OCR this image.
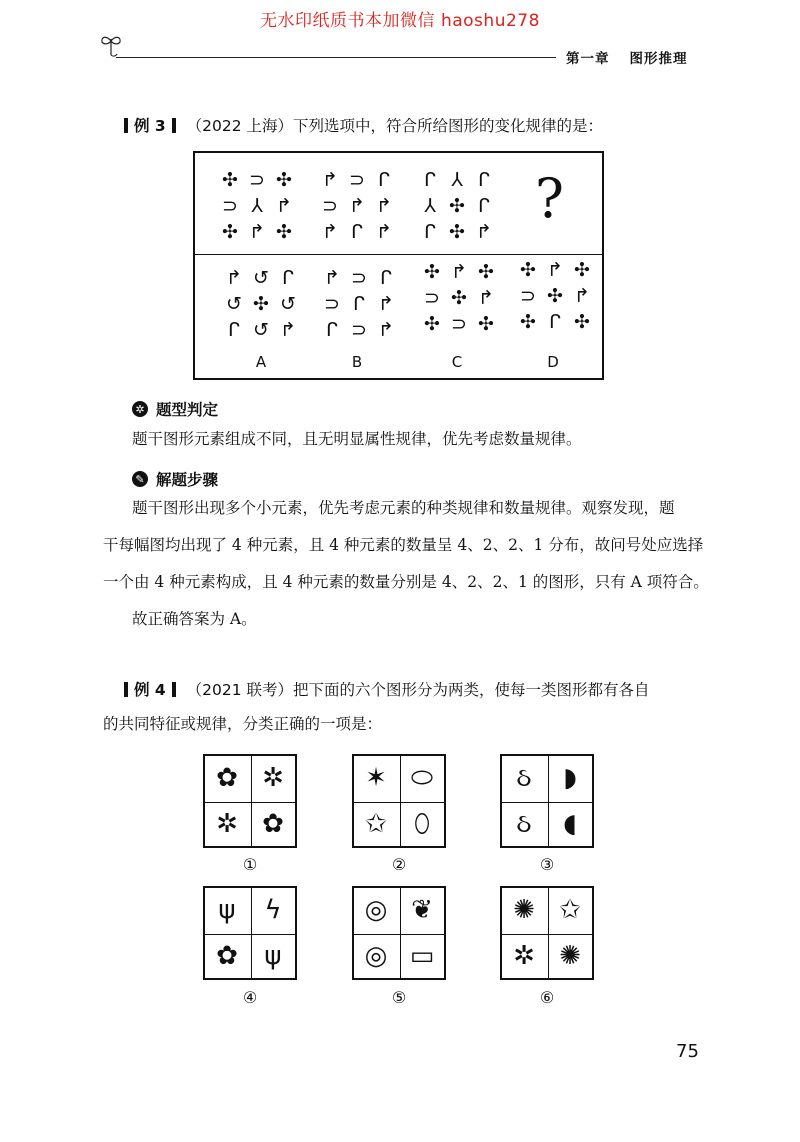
无水印纸质书本加微信 haoshu278
第一章 图形推理
例 3 （2022 上海）下列选项中，符合所给图形的变化规律的是：
✣ ⊃ ✣
⊃ ⅄ ↱
✣ ↱ ✣
↱ ⊃ ᒋ
⊃ ↱ ↱
↱ ᒋ ↱
ᒋ ⅄ ᒋ
⅄ ✣ ᒋ
ᒋ ✣ ↱
?
↱ ↺ ᒋ
↺ ✣ ↺
ᒋ ↺ ↱
↱ ⊃ ᒋ
⊃ ᒋ ↱
ᒋ ⊃ ↱
✣ ↱ ✣
⊃ ✣ ↱
✣ ⊃ ✣
✣ ↱ ✣
⊃ ✣ ↱
✣ ᒋ ✣
A	B	C	D
✲ 题型判定
题干图形元素组成不同，且无明显属性规律，优先考虑数量规律。
✎ 解题步骤
题干图形出现多个小元素，优先考虑元素的种类规律和数量规律。观察发现，题
干每幅图均出现了 4 种元素，且 4 种元素的数量呈 4、2、2、1 分布，故问号处应选择
一个由 4 种元素构成，且 4 种元素的数量分别是 4、2、2、1 的图形，只有 A 项符合。
故正确答案为 A。
例 4 （2021 联考）把下面的六个图形分为两类，使每一类图形都有各自
的共同特征或规律，分类正确的一项是：
✿ ✲
✲ ✿
✶ ⬭
✩	⬯
ઠ	◗
ઠ	◖
①	②	③
ψ	ϟ
✿	ψ
◎ ❦
◎ ▭
✺ ✩
✲ ✺
④	⑤	⑥
75
